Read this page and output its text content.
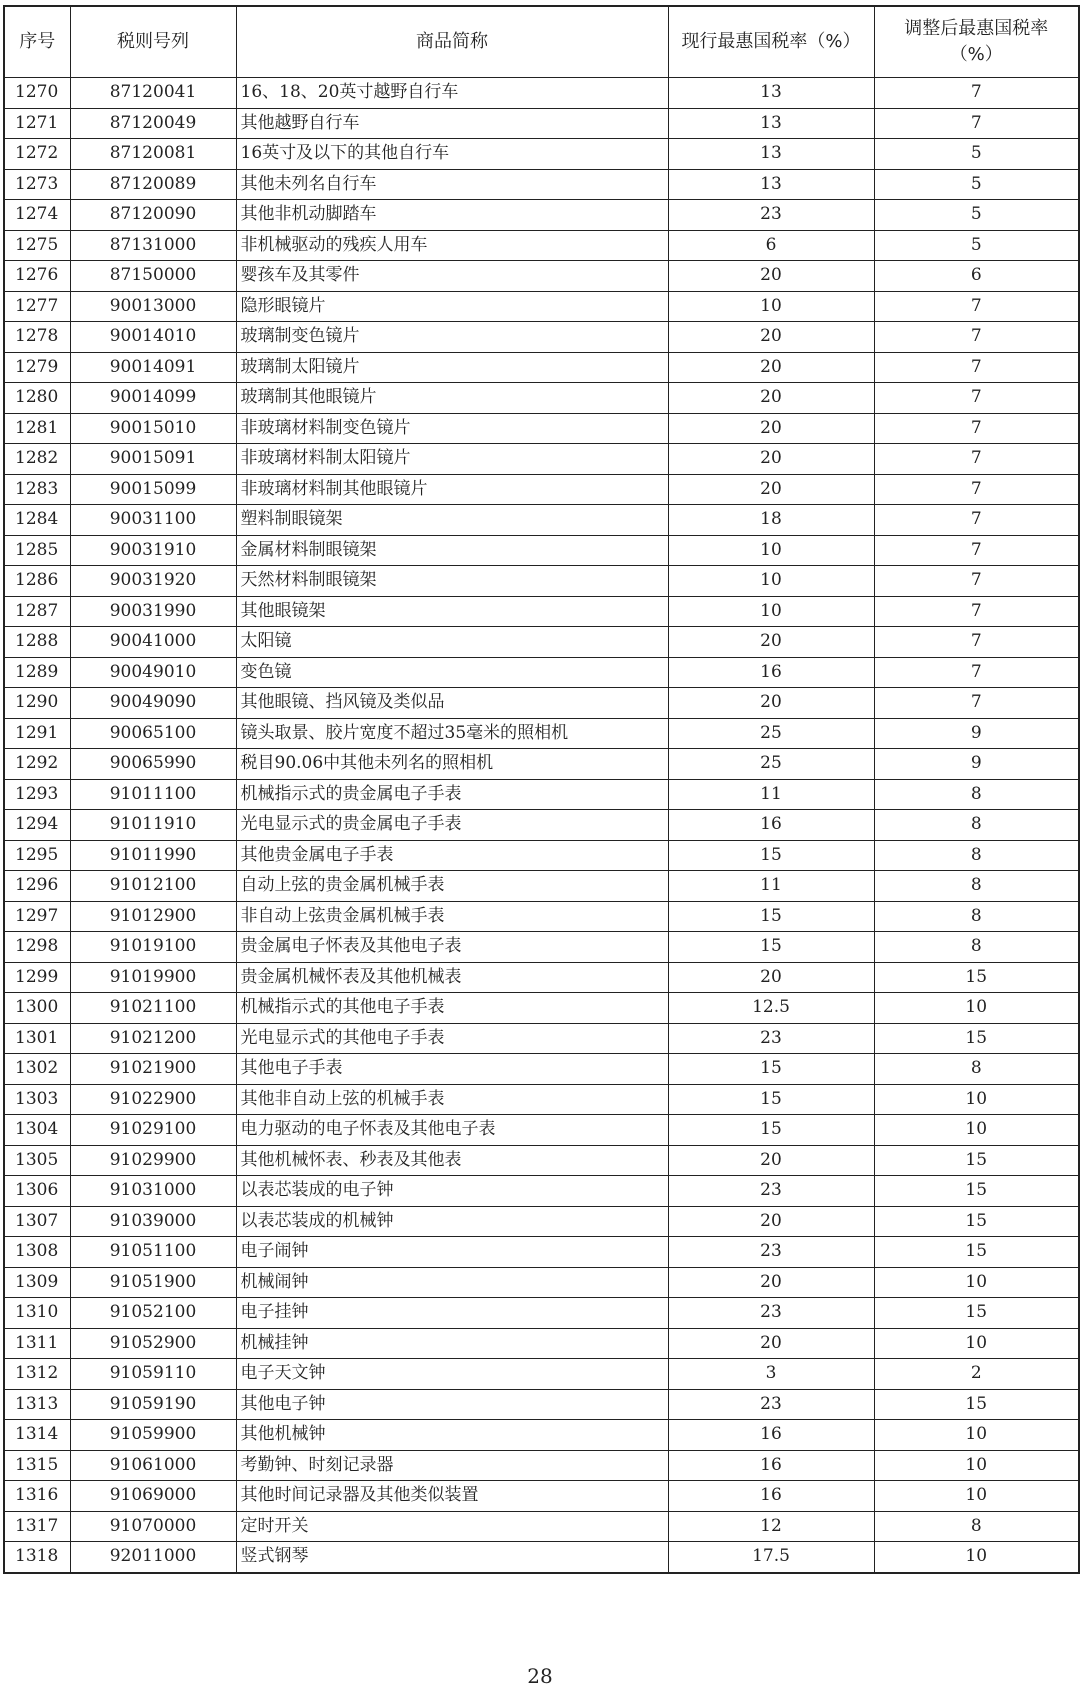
序号	税则号列	商品简称	现行最惠国税率（%）	调整后最惠国税率（%）
1270	87120041	16、18、20英寸越野自行车	13	7
1271	87120049	其他越野自行车	13	7
1272	87120081	16英寸及以下的其他自行车	13	5
1273	87120089	其他未列名自行车	13	5
1274	87120090	其他非机动脚踏车	23	5
1275	87131000	非机械驱动的残疾人用车	6	5
1276	87150000	婴孩车及其零件	20	6
1277	90013000	隐形眼镜片	10	7
1278	90014010	玻璃制变色镜片	20	7
1279	90014091	玻璃制太阳镜片	20	7
1280	90014099	玻璃制其他眼镜片	20	7
1281	90015010	非玻璃材料制变色镜片	20	7
1282	90015091	非玻璃材料制太阳镜片	20	7
1283	90015099	非玻璃材料制其他眼镜片	20	7
1284	90031100	塑料制眼镜架	18	7
1285	90031910	金属材料制眼镜架	10	7
1286	90031920	天然材料制眼镜架	10	7
1287	90031990	其他眼镜架	10	7
1288	90041000	太阳镜	20	7
1289	90049010	变色镜	16	7
1290	90049090	其他眼镜、挡风镜及类似品	20	7
1291	90065100	镜头取景、胶片宽度不超过35毫米的照相机	25	9
1292	90065990	税目90.06中其他未列名的照相机	25	9
1293	91011100	机械指示式的贵金属电子手表	11	8
1294	91011910	光电显示式的贵金属电子手表	16	8
1295	91011990	其他贵金属电子手表	15	8
1296	91012100	自动上弦的贵金属机械手表	11	8
1297	91012900	非自动上弦贵金属机械手表	15	8
1298	91019100	贵金属电子怀表及其他电子表	15	8
1299	91019900	贵金属机械怀表及其他机械表	20	15
1300	91021100	机械指示式的其他电子手表	12.5	10
1301	91021200	光电显示式的其他电子手表	23	15
1302	91021900	其他电子手表	15	8
1303	91022900	其他非自动上弦的机械手表	15	10
1304	91029100	电力驱动的电子怀表及其他电子表	15	10
1305	91029900	其他机械怀表、秒表及其他表	20	15
1306	91031000	以表芯装成的电子钟	23	15
1307	91039000	以表芯装成的机械钟	20	15
1308	91051100	电子闹钟	23	15
1309	91051900	机械闹钟	20	10
1310	91052100	电子挂钟	23	15
1311	91052900	机械挂钟	20	10
1312	91059110	电子天文钟	3	2
1313	91059190	其他电子钟	23	15
1314	91059900	其他机械钟	16	10
1315	91061000	考勤钟、时刻记录器	16	10
1316	91069000	其他时间记录器及其他类似装置	16	10
1317	91070000	定时开关	12	8
1318	92011000	竖式钢琴	17.5	10
28
